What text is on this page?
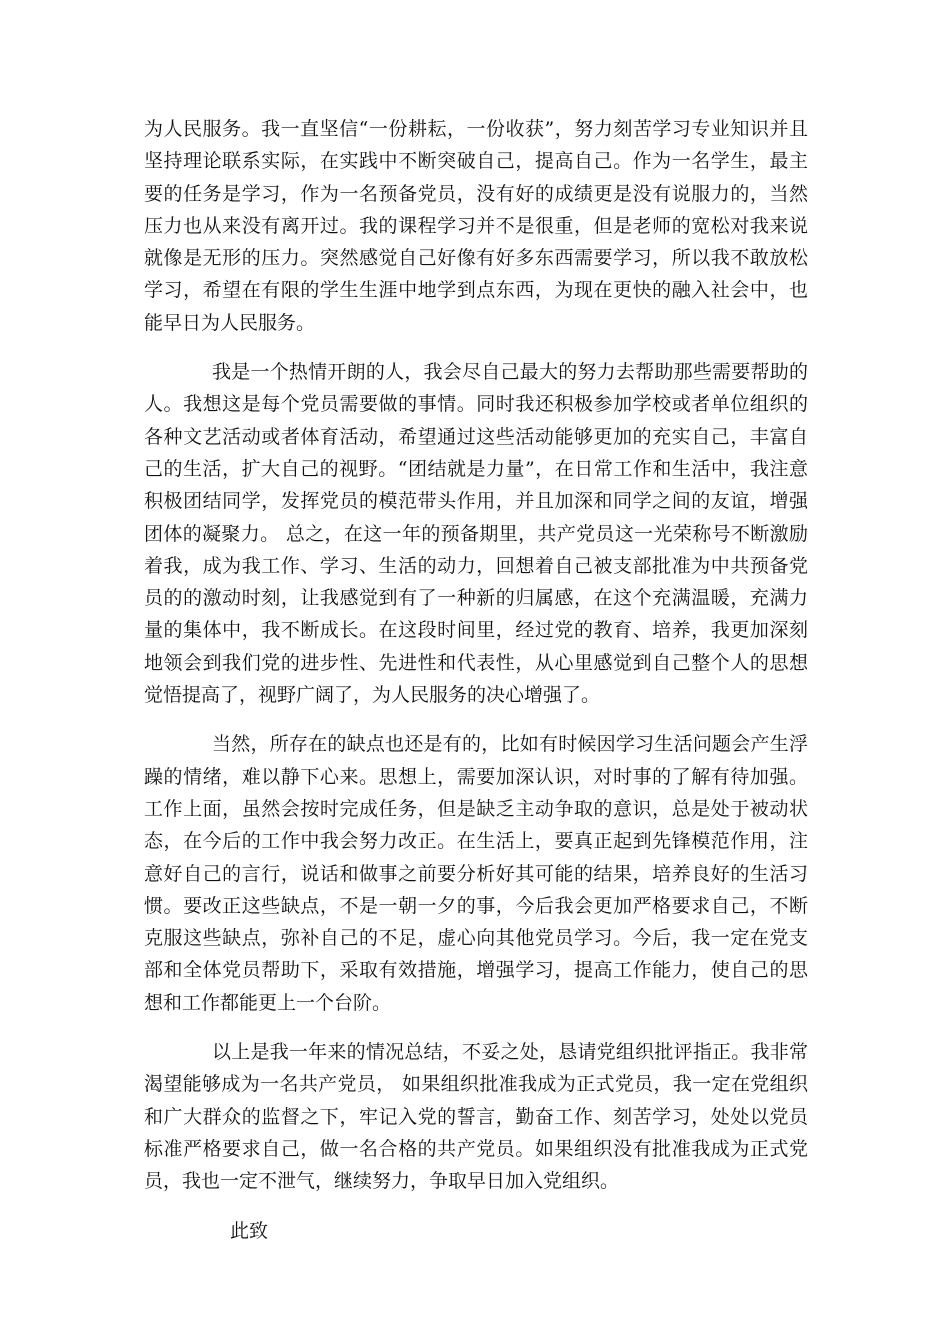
为人民服务。我一直坚信“一份耕耘，一份收获”，努力刻苦学习专业知识并且坚持理论联系实际，在实践中不断突破自己，提高自己。作为一名学生，最主要的任务是学习，作为一名预备党员，没有好的成绩更是没有说服力的，当然压力也从来没有离开过。我的课程学习并不是很重，但是老师的宽松对我来说就像是无形的压力。突然感觉自己好像有好多东西需要学习，所以我不敢放松学习，希望在有限的学生生涯中地学到点东西，为现在更快的融入社会中，也能早日为人民服务。

我是一个热情开朗的人，我会尽自己最大的努力去帮助那些需要帮助的人。我想这是每个党员需要做的事情。同时我还积极参加学校或者单位组织的各种文艺活动或者体育活动，希望通过这些活动能够更加的充实自己，丰富自己的生活，扩大自己的视野。“团结就是力量”，在日常工作和生活中，我注意积极团结同学，发挥党员的模范带头作用，并且加深和同学之间的友谊，增强团体的凝聚力。 总之，在这一年的预备期里，共产党员这一光荣称号不断激励着我，成为我工作、学习、生活的动力，回想着自己被支部批准为中共预备党员的的激动时刻，让我感觉到有了一种新的归属感，在这个充满温暖，充满力量的集体中，我不断成长。在这段时间里，经过党的教育、培养，我更加深刻地领会到我们党的进步性、先进性和代表性，从心里感觉到自己整个人的思想觉悟提高了，视野广阔了，为人民服务的决心增强了。

当然，所存在的缺点也还是有的，比如有时候因学习生活问题会产生浮躁的情绪，难以静下心来。思想上，需要加深认识，对时事的了解有待加强。工作上面，虽然会按时完成任务，但是缺乏主动争取的意识，总是处于被动状态，在今后的工作中我会努力改正。在生活上，要真正起到先锋模范作用，注意好自己的言行，说话和做事之前要分析好其可能的结果，培养良好的生活习惯。要改正这些缺点，不是一朝一夕的事，今后我会更加严格要求自己，不断克服这些缺点，弥补自己的不足，虚心向其他党员学习。今后，我一定在党支部和全体党员帮助下，采取有效措施，增强学习，提高工作能力，使自己的思想和工作都能更上一个台阶。

以上是我一年来的情况总结，不妥之处，恳请党组织批评指正。我非常渴望能够成为一名共产党员， 如果组织批准我成为正式党员，我一定在党组织和广大群众的监督之下，牢记入党的誓言，勤奋工作、刻苦学习，处处以党员标准严格要求自己，做一名合格的共产党员。如果组织没有批准我成为正式党员，我也一定不泄气，继续努力，争取早日加入党组织。

此致
